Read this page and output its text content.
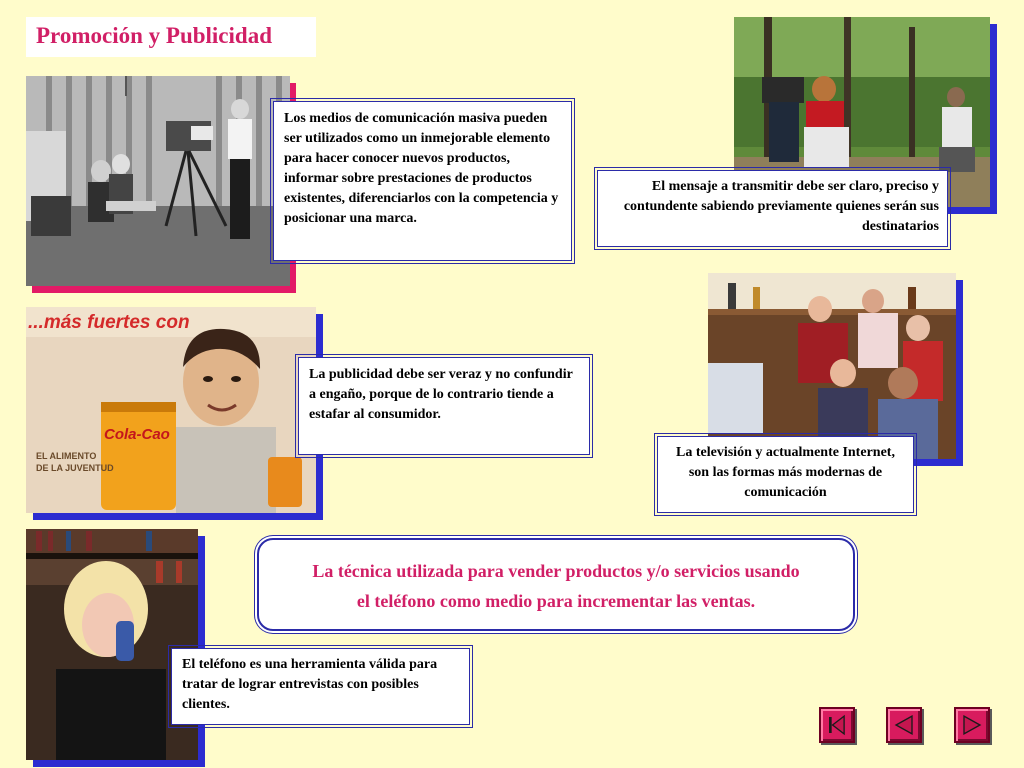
Promoción y Publicidad
Los medios de comunicación masiva pueden ser utilizados como un inmejorable elemento para hacer conocer nuevos productos, informar sobre prestaciones de productos existentes, diferenciarlos con la competencia y posicionar una marca.
El mensaje a transmitir debe ser claro, preciso y contundente sabiendo previamente quienes serán sus destinatarios
...más fuertes con
Cola-Cao
EL ALIMENTO
DE LA JUVENTUD
La publicidad debe ser veraz y no confundir a engaño, porque de lo contrario tiende a estafar al consumidor.
La televisión y actualmente Internet, son las formas más modernas de comunicación
La técnica utilizada para vender productos y/o servicios usando
el teléfono como medio para incrementar las ventas.
El teléfono es una herramienta válida para tratar de lograr entrevistas con posibles clientes.
